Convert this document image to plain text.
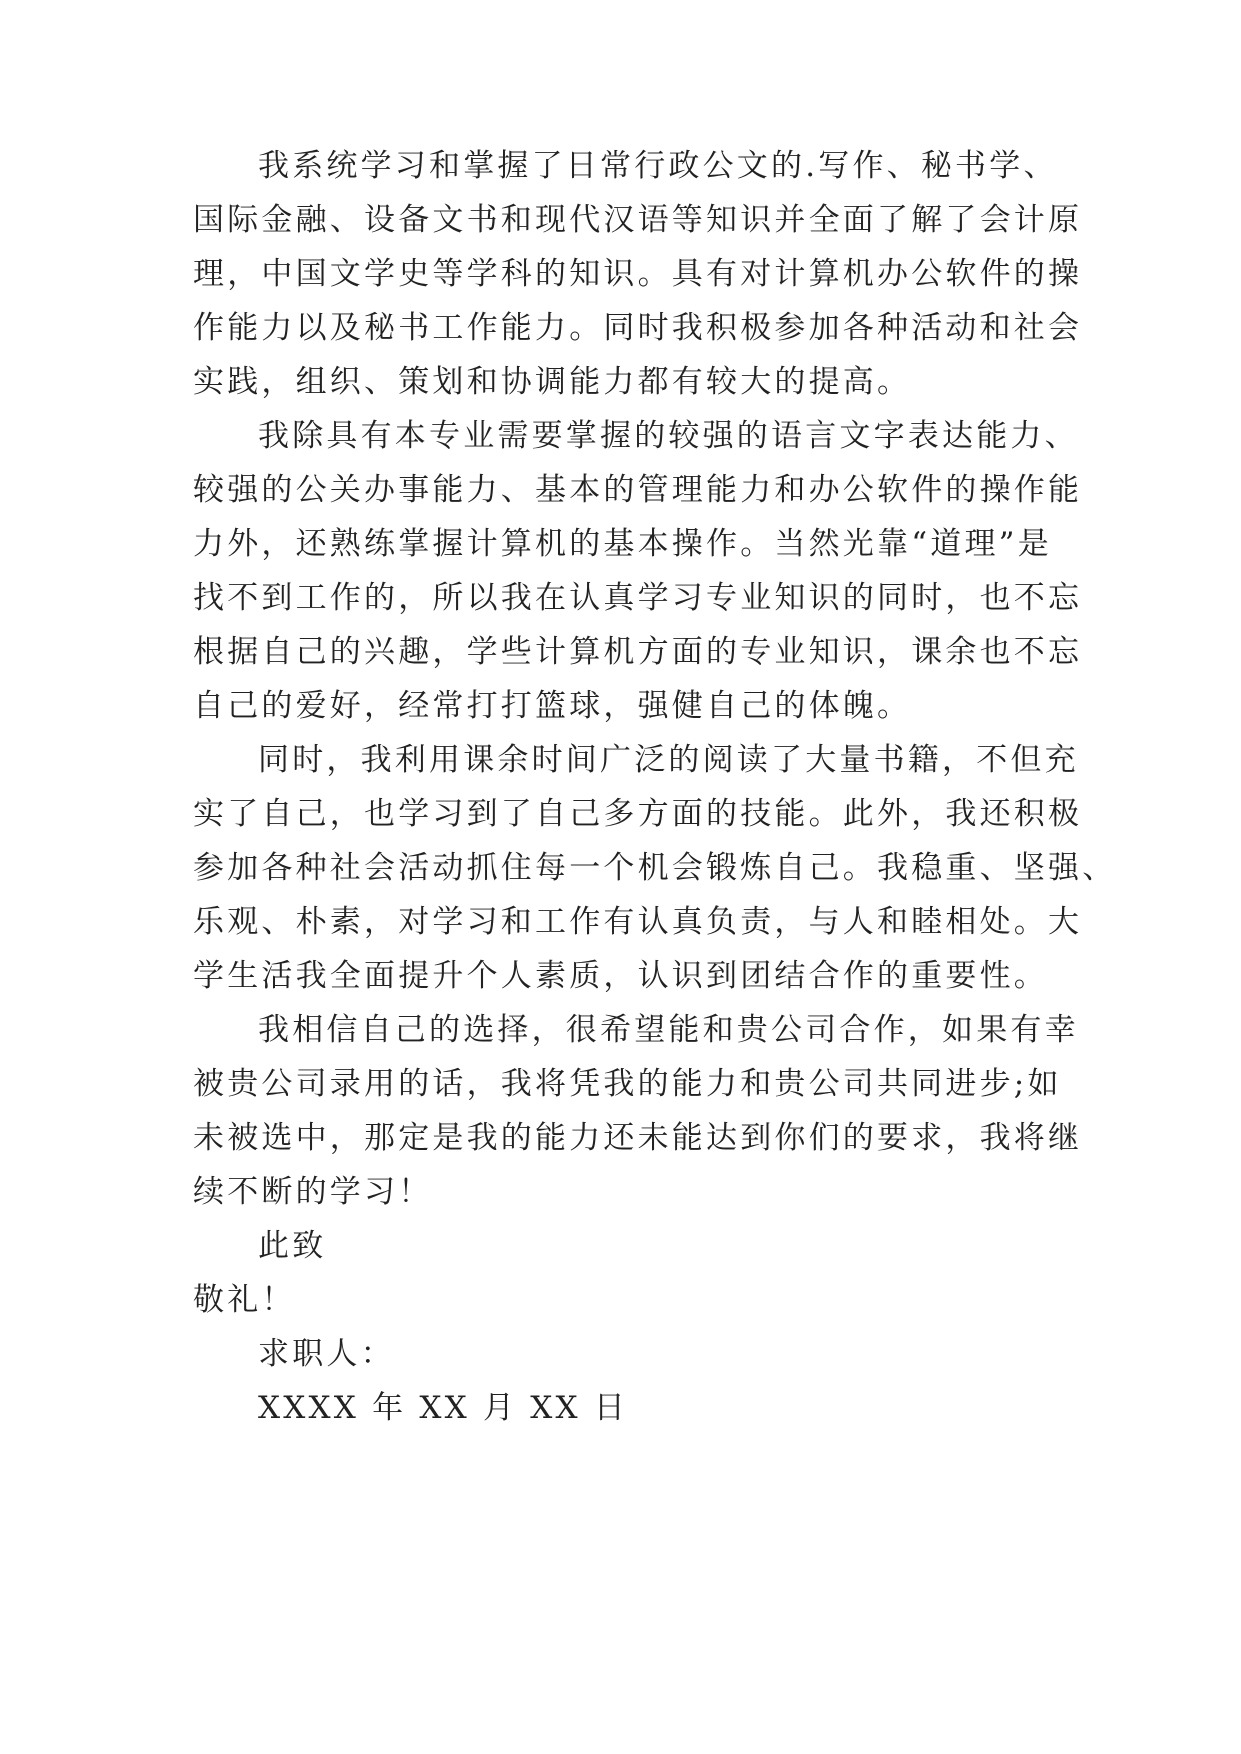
我系统学习和掌握了日常行政公文的.写作、秘书学、
国际金融、设备文书和现代汉语等知识并全面了解了会计原
理，中国文学史等学科的知识。具有对计算机办公软件的操
作能力以及秘书工作能力。同时我积极参加各种活动和社会
实践，组织、策划和协调能力都有较大的提高。
我除具有本专业需要掌握的较强的语言文字表达能力、
较强的公关办事能力、基本的管理能力和办公软件的操作能
力外，还熟练掌握计算机的基本操作。当然光靠“道理”是
找不到工作的，所以我在认真学习专业知识的同时，也不忘
根据自己的兴趣，学些计算机方面的专业知识，课余也不忘
自己的爱好，经常打打篮球，强健自己的体魄。
同时，我利用课余时间广泛的阅读了大量书籍，不但充
实了自己，也学习到了自己多方面的技能。此外，我还积极
参加各种社会活动抓住每一个机会锻炼自己。我稳重、坚强、
乐观、朴素，对学习和工作有认真负责，与人和睦相处。大
学生活我全面提升个人素质，认识到团结合作的重要性。
我相信自己的选择，很希望能和贵公司合作，如果有幸
被贵公司录用的话，我将凭我的能力和贵公司共同进步;如
未被选中，那定是我的能力还未能达到你们的要求，我将继
续不断的学习！
此致
敬礼！
求职人：
XXXX 年 XX 月 XX 日
